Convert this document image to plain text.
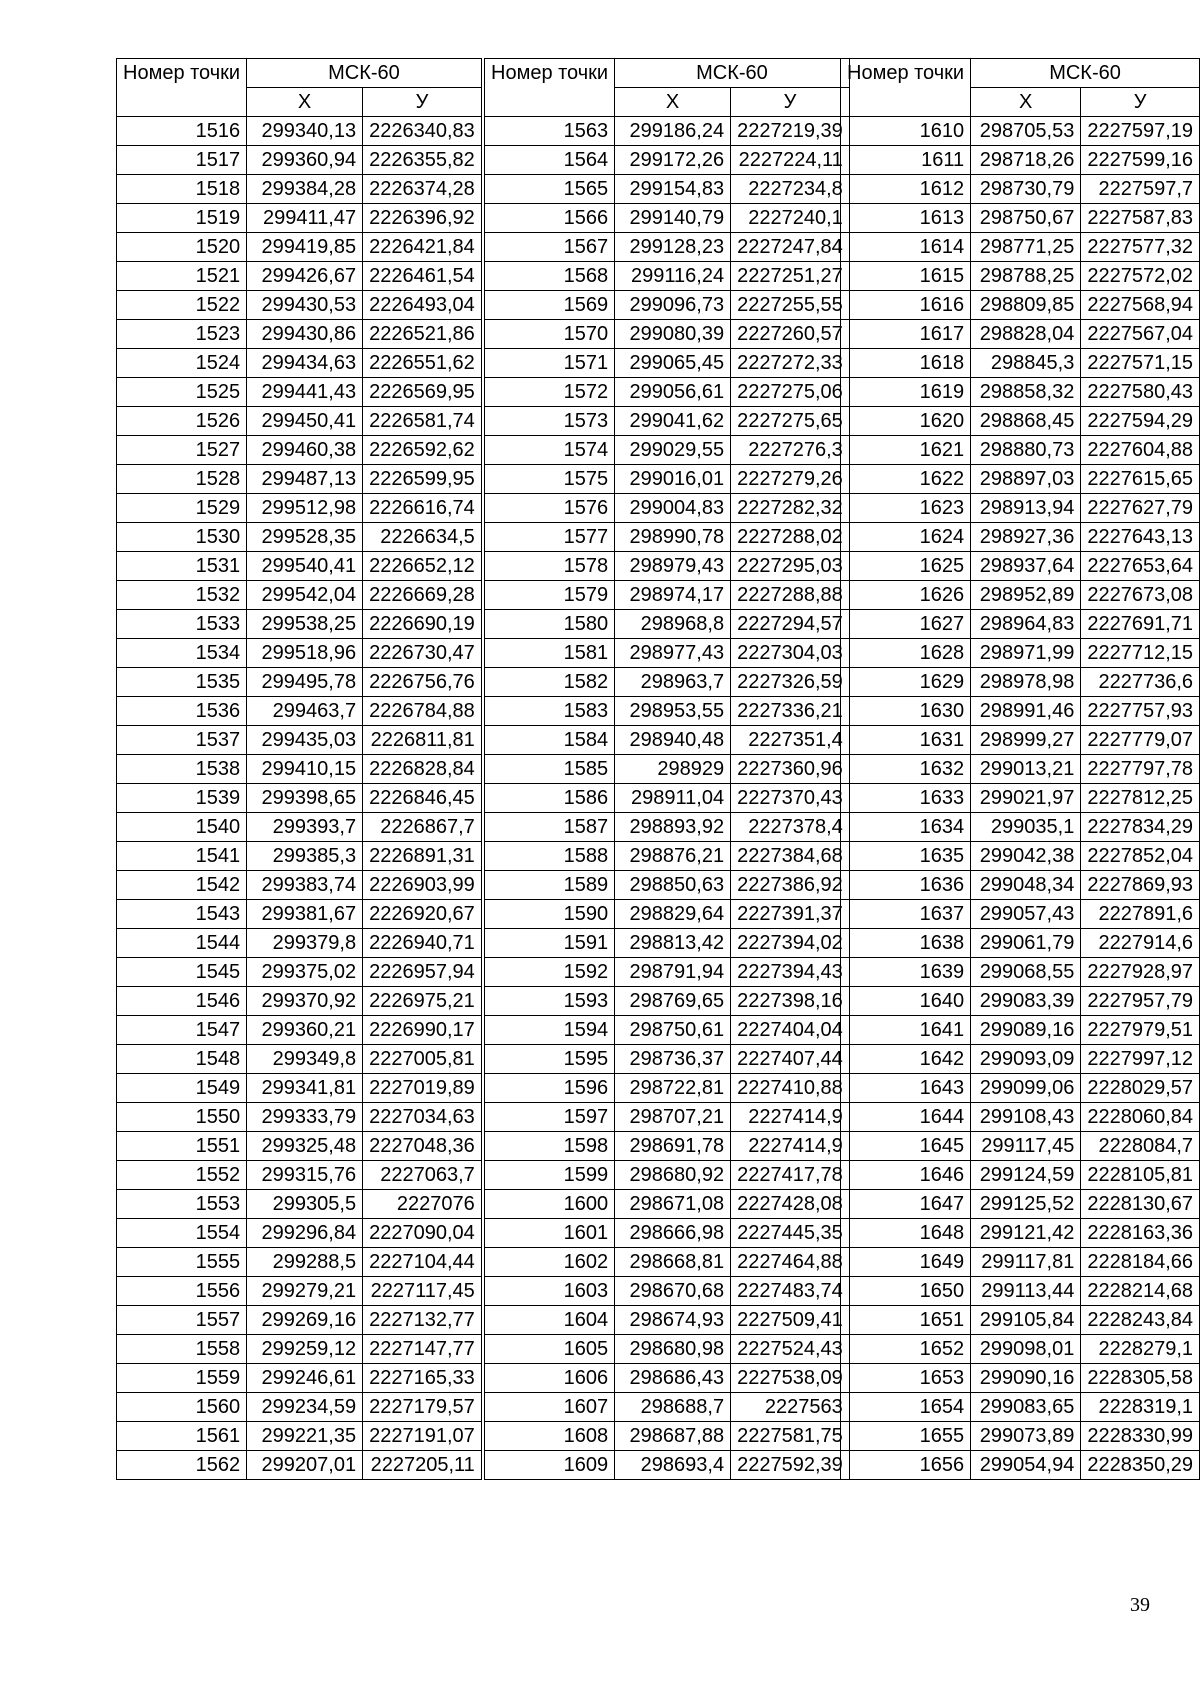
Номер точки	МСК-60	
	Х	У
1516	299340,13	2226340,83
1517	299360,94	2226355,82
1518	299384,28	2226374,28
1519	299411,47	2226396,92
1520	299419,85	2226421,84
1521	299426,67	2226461,54
1522	299430,53	2226493,04
1523	299430,86	2226521,86
1524	299434,63	2226551,62
1525	299441,43	2226569,95
1526	299450,41	2226581,74
1527	299460,38	2226592,62
1528	299487,13	2226599,95
1529	299512,98	2226616,74
1530	299528,35	2226634,5
1531	299540,41	2226652,12
1532	299542,04	2226669,28
1533	299538,25	2226690,19
1534	299518,96	2226730,47
1535	299495,78	2226756,76
1536	299463,7	2226784,88
1537	299435,03	2226811,81
1538	299410,15	2226828,84
1539	299398,65	2226846,45
1540	299393,7	2226867,7
1541	299385,3	2226891,31
1542	299383,74	2226903,99
1543	299381,67	2226920,67
1544	299379,8	2226940,71
1545	299375,02	2226957,94
1546	299370,92	2226975,21
1547	299360,21	2226990,17
1548	299349,8	2227005,81
1549	299341,81	2227019,89
1550	299333,79	2227034,63
1551	299325,48	2227048,36
1552	299315,76	2227063,7
1553	299305,5	2227076
1554	299296,84	2227090,04
1555	299288,5	2227104,44
1556	299279,21	2227117,45
1557	299269,16	2227132,77
1558	299259,12	2227147,77
1559	299246,61	2227165,33
1560	299234,59	2227179,57
1561	299221,35	2227191,07
1562	299207,01	2227205,11
Номер точки	МСК-60	
	Х	У
1563	299186,24	2227219,39
1564	299172,26	2227224,11
1565	299154,83	2227234,8
1566	299140,79	2227240,1
1567	299128,23	2227247,84
1568	299116,24	2227251,27
1569	299096,73	2227255,55
1570	299080,39	2227260,57
1571	299065,45	2227272,33
1572	299056,61	2227275,06
1573	299041,62	2227275,65
1574	299029,55	2227276,3
1575	299016,01	2227279,26
1576	299004,83	2227282,32
1577	298990,78	2227288,02
1578	298979,43	2227295,03
1579	298974,17	2227288,88
1580	298968,8	2227294,57
1581	298977,43	2227304,03
1582	298963,7	2227326,59
1583	298953,55	2227336,21
1584	298940,48	2227351,4
1585	298929	2227360,96
1586	298911,04	2227370,43
1587	298893,92	2227378,4
1588	298876,21	2227384,68
1589	298850,63	2227386,92
1590	298829,64	2227391,37
1591	298813,42	2227394,02
1592	298791,94	2227394,43
1593	298769,65	2227398,16
1594	298750,61	2227404,04
1595	298736,37	2227407,44
1596	298722,81	2227410,88
1597	298707,21	2227414,9
1598	298691,78	2227414,9
1599	298680,92	2227417,78
1600	298671,08	2227428,08
1601	298666,98	2227445,35
1602	298668,81	2227464,88
1603	298670,68	2227483,74
1604	298674,93	2227509,41
1605	298680,98	2227524,43
1606	298686,43	2227538,09
1607	298688,7	2227563
1608	298687,88	2227581,75
1609	298693,4	2227592,39
Номер точки	МСК-60	
	Х	У
1610	298705,53	2227597,19
1611	298718,26	2227599,16
1612	298730,79	2227597,7
1613	298750,67	2227587,83
1614	298771,25	2227577,32
1615	298788,25	2227572,02
1616	298809,85	2227568,94
1617	298828,04	2227567,04
1618	298845,3	2227571,15
1619	298858,32	2227580,43
1620	298868,45	2227594,29
1621	298880,73	2227604,88
1622	298897,03	2227615,65
1623	298913,94	2227627,79
1624	298927,36	2227643,13
1625	298937,64	2227653,64
1626	298952,89	2227673,08
1627	298964,83	2227691,71
1628	298971,99	2227712,15
1629	298978,98	2227736,6
1630	298991,46	2227757,93
1631	298999,27	2227779,07
1632	299013,21	2227797,78
1633	299021,97	2227812,25
1634	299035,1	2227834,29
1635	299042,38	2227852,04
1636	299048,34	2227869,93
1637	299057,43	2227891,6
1638	299061,79	2227914,6
1639	299068,55	2227928,97
1640	299083,39	2227957,79
1641	299089,16	2227979,51
1642	299093,09	2227997,12
1643	299099,06	2228029,57
1644	299108,43	2228060,84
1645	299117,45	2228084,7
1646	299124,59	2228105,81
1647	299125,52	2228130,67
1648	299121,42	2228163,36
1649	299117,81	2228184,66
1650	299113,44	2228214,68
1651	299105,84	2228243,84
1652	299098,01	2228279,1
1653	299090,16	2228305,58
1654	299083,65	2228319,1
1655	299073,89	2228330,99
1656	299054,94	2228350,29
39
